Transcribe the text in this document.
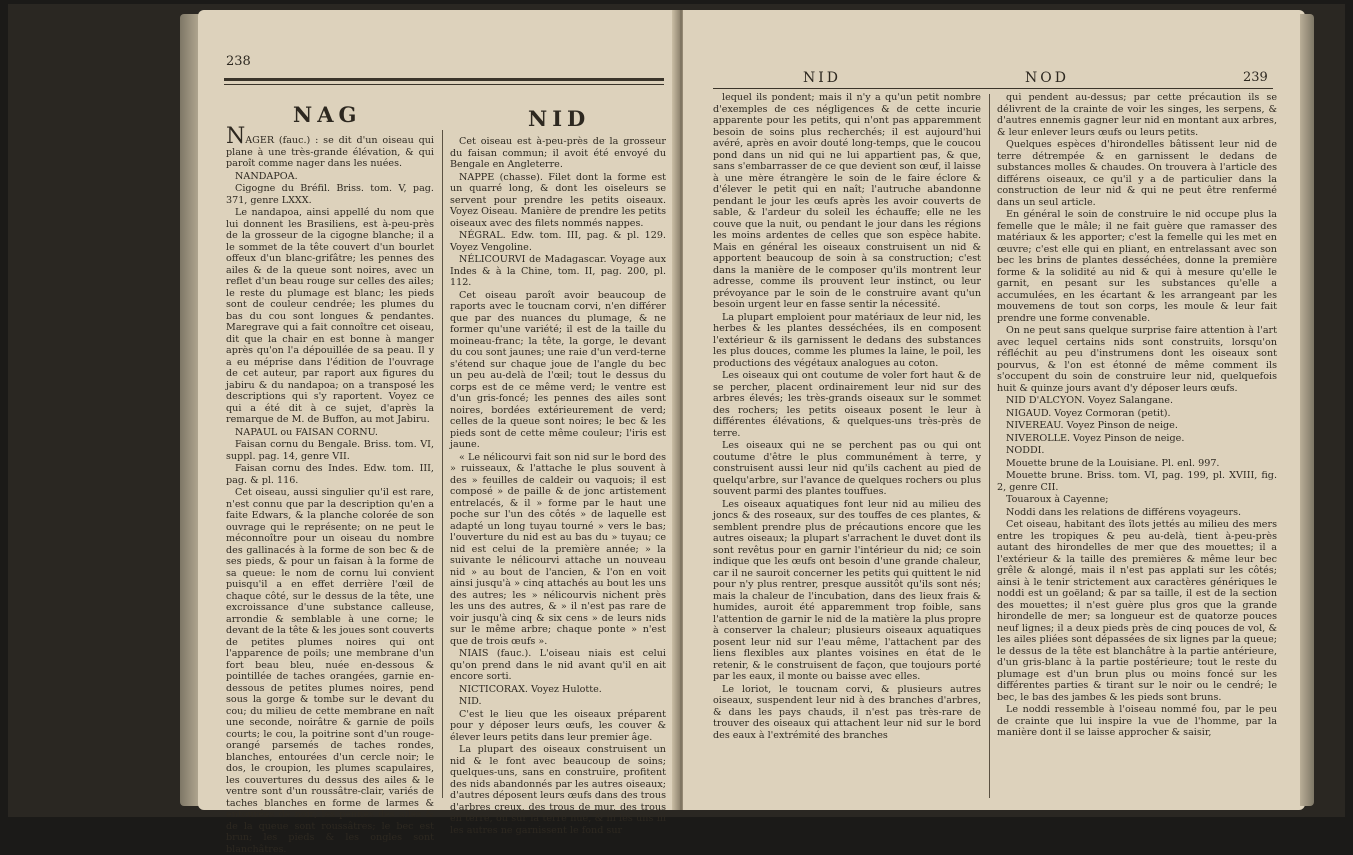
238
NAG	NID

NAGER (fauc.) : se dit d'un oiseau qui plane à une très-grande élévation, & qui paroît comme nager dans les nuées.

NANDAPOA.

Cigogne du Bréfil. Briss. tom. V, pag. 371, genre LXXX.

Le nandapoa, ainsi appellé du nom que lui donnent les Brasiliens, est à-peu-près de la grosseur de la cigogne blanche; il a le sommet de la tête couvert d'un bourlet offeux d'un blanc-grifâtre; les pennes des ailes & de la queue sont noires, avec un reflet d'un beau rouge sur celles des ailes; le reste du plumage est blanc; les pieds sont de couleur cendrée; les plumes du bas du cou sont longues & pendantes. Maregrave qui a fait connoître cet oiseau, dit que la chair en est bonne à manger après qu'on l'a dépouillée de sa peau. Il y a eu méprise dans l'édition de l'ouvrage de cet auteur, par raport aux figures du jabiru & du nandapoa; on a transposé les descriptions qui s'y raportent. Voyez ce qui a été dit à ce sujet, d'après la remarque de M. de Buffon, au mot Jabiru.

NAPAUL ou FAISAN CORNU.

Faisan cornu du Bengale. Briss. tom. VI, suppl. pag. 14, genre VII.

Faisan cornu des Indes. Edw. tom. III, pag. & pl. 116.

Cet oiseau, aussi singulier qu'il est rare, n'est connu que par la description qu'en a faite Edwars, & la planche colorée de son ouvrage qui le représente; on ne peut le méconnoître pour un oiseau du nombre des gallinacés à la forme de son bec & de ses pieds, & pour un faisan à la forme de sa queue: le nom de cornu lui convient puisqu'il a en effet derrière l'œil de chaque côté, sur le dessus de la tête, une excroissance d'une substance calleuse, arrondie & semblable à une corne; le devant de la tête & les joues sont couverts de petites plumes noires qui ont l'apparence de poils; une membrane d'un fort beau bleu, nuée en-dessous & pointillée de taches orangées, garnie en-dessous de petites plumes noires, pend sous la gorge & tombe sur le devant du cou; du milieu de cette membrane en naît une seconde, noirâtre & garnie de poils courts; le cou, la poitrine sont d'un rouge-orangé parsemés de taches rondes, blanches, entourées d'un cercle noir; le dos, le croupion, les plumes scapulaires, les couvertures du dessus des ailes & le ventre sont d'un roussâtre-clair, variés de taches blanches en forme de larmes & entourées de noir; les pennes des ailes & de la queue sont roussâtres; le bec est brun; les pieds & les ongles sont blanchâtres.

Cet oiseau est à-peu-près de la grosseur du faisan commun; il avoit été envoyé du Bengale en Angleterre.

NAPPE (chasse). Filet dont la forme est un quarré long, & dont les oiseleurs se servent pour prendre les petits oiseaux. Voyez Oiseau. Manière de prendre les petits oiseaux avec des filets nommés nappes.

NÉGRAL. Edw. tom. III, pag. & pl. 129. Voyez Vengoline.

NÉLICOURVI de Madagascar. Voyage aux Indes & à la Chine, tom. II, pag. 200, pl. 112.

Cet oiseau paroît avoir beaucoup de raports avec le toucnam corvi, n'en différer que par des nuances du plumage, & ne former qu'une variété; il est de la taille du moineau-franc; la tête, la gorge, le devant du cou sont jaunes; une raie d'un verd-terne s'étend sur chaque joue de l'angle du bec un peu au-delà de l'œil; tout le dessus du corps est de ce même verd; le ventre est d'un gris-foncé; les pennes des ailes sont noires, bordées extérieurement de verd; celles de la queue sont noires; le bec & les pieds sont de cette même couleur; l'iris est jaune.

« Le nélicourvi fait son nid sur le bord des » ruisseaux, & l'attache le plus souvent à des » feuilles de caldeir ou vaquois; il est composé » de paille & de jonc artistement entrelacés, & il » forme par le haut une poche sur l'un des côtés » de laquelle est adapté un long tuyau tourné » vers le bas; l'ouverture du nid est au bas du » tuyau; ce nid est celui de la première année; » la suivante le nélicourvi attache un nouveau nid » au bout de l'ancien, & l'on en voit ainsi jusqu'à » cinq attachés au bout les uns des autres; les » nélicourvis nichent près les uns des autres, & » il n'est pas rare de voir jusqu'à cinq & six cens » de leurs nids sur le même arbre; chaque ponte » n'est que de trois œufs ».

NIAIS (fauc.). L'oiseau niais est celui qu'on prend dans le nid avant qu'il en ait encore sorti.

NICTICORAX. Voyez Hulotte.

NID.

C'est le lieu que les oiseaux préparent pour y déposer leurs œufs, les couver & élever leurs petits dans leur premier âge.

La plupart des oiseaux construisent un nid & le font avec beaucoup de soins; quelques-uns, sans en construire, profitent des nids abandonnés par les autres oiseaux; d'autres déposent leurs œufs dans des trous d'arbres creux, des trous de mur, des trous en terre, ou sur la terre nue, & ni les uns ni les autres ne garnissent le fond sur

NID	NOD	239

lequel ils pondent; mais il n'y a qu'un petit nombre d'exemples de ces négligences & de cette incurie apparente pour les petits, qui n'ont pas apparemment besoin de soins plus recherchés; il est aujourd'hui avéré, après en avoir douté long-temps, que le coucou pond dans un nid qui ne lui appartient pas, & que, sans s'embarrasser de ce que devient son œuf, il laisse à une mère étrangère le soin de le faire éclore & d'élever le petit qui en naît; l'autruche abandonne pendant le jour les œufs après les avoir couverts de sable, & l'ardeur du soleil les échauffe; elle ne les couve que la nuit, ou pendant le jour dans les régions les moins ardentes de celles que son espèce habite. Mais en général les oiseaux construisent un nid & apportent beaucoup de soin à sa construction; c'est dans la manière de le composer qu'ils montrent leur adresse, comme ils prouvent leur instinct, ou leur prévoyance par le soin de le construire avant qu'un besoin urgent leur en fasse sentir la nécessité.

La plupart emploient pour matériaux de leur nid, les herbes & les plantes desséchées, ils en composent l'extérieur & ils garnissent le dedans des substances les plus douces, comme les plumes la laine, le poil, les productions des végétaux analogues au coton.

Les oiseaux qui ont coutume de voler fort haut & de se percher, placent ordinairement leur nid sur des arbres élevés; les très-grands oiseaux sur le sommet des rochers; les petits oiseaux posent le leur à différentes élévations, & quelques-uns très-près de terre.

Les oiseaux qui ne se perchent pas ou qui ont coutume d'être le plus communément à terre, y construisent aussi leur nid qu'ils cachent au pied de quelqu'arbre, sur l'avance de quelques rochers ou plus souvent parmi des plantes touffues.

Les oiseaux aquatiques font leur nid au milieu des joncs & des roseaux, sur des touffes de ces plantes, & semblent prendre plus de précautions encore que les autres oiseaux; la plupart s'arrachent le duvet dont ils sont revêtus pour en garnir l'intérieur du nid; ce soin indique que les œufs ont besoin d'une grande chaleur, car il ne sauroit concerner les petits qui quittent le nid pour n'y plus rentrer, presque aussitôt qu'ils sont nés; mais la chaleur de l'incubation, dans des lieux frais & humides, auroit été apparemment trop foible, sans l'attention de garnir le nid de la matière la plus propre à conserver la chaleur; plusieurs oiseaux aquatiques posent leur nid sur l'eau même, l'attachent par des liens flexibles aux plantes voisines en état de le retenir, & le construisent de façon, que toujours porté par les eaux, il monte ou baisse avec elles.

Le loriot, le toucnam corvi, & plusieurs autres oiseaux, suspendent leur nid à des branches d'arbres, & dans les pays chauds, il n'est pas très-rare de trouver des oiseaux qui attachent leur nid sur le bord des eaux à l'extrémité des branches

qui pendent au-dessus; par cette précaution ils se délivrent de la crainte de voir les singes, les serpens, & d'autres ennemis gagner leur nid en montant aux arbres, & leur enlever leurs œufs ou leurs petits.

Quelques espèces d'hirondelles bâtissent leur nid de terre détrempée & en garnissent le dedans de substances molles & chaudes. On trouvera à l'article des différens oiseaux, ce qu'il y a de particulier dans la construction de leur nid & qui ne peut être renfermé dans un seul article.

En général le soin de construire le nid occupe plus la femelle que le mâle; il ne fait guère que ramasser des matériaux & les apporter; c'est la femelle qui les met en œuvre; c'est elle qui en pliant, en entrelassant avec son bec les brins de plantes desséchées, donne la première forme & la solidité au nid & qui à mesure qu'elle le garnit, en pesant sur les substances qu'elle a accumulées, en les écartant & les arrangeant par les mouvemens de tout son corps, les moule & leur fait prendre une forme convenable.

On ne peut sans quelque surprise faire attention à l'art avec lequel certains nids sont construits, lorsqu'on réfléchit au peu d'instrumens dont les oiseaux sont pourvus, & l'on est étonné de même comment ils s'occupent du soin de construire leur nid, quelquefois huit & quinze jours avant d'y déposer leurs œufs.

NID D'ALCYON. Voyez Salangane.

NIGAUD. Voyez Cormoran (petit).

NIVEREAU. Voyez Pinson de neige.

NIVEROLLE. Voyez Pinson de neige.

NODDI.

Mouette brune de la Louisiane. Pl. enl. 997.

Mouette brune. Briss. tom. VI, pag. 199, pl. XVIII, fig. 2, genre CII.

Touaroux à Cayenne;

Noddi dans les relations de différens voyageurs.

Cet oiseau, habitant des îlots jettés au milieu des mers entre les tropiques & peu au-delà, tient à-peu-près autant des hirondelles de mer que des mouettes; il a l'extérieur & la taille des premières & même leur bec grêle & alongé, mais il n'est pas applati sur les côtés; ainsi à le tenir strictement aux caractères génériques le noddi est un goëland; & par sa taille, il est de la section des mouettes; il n'est guère plus gros que la grande hirondelle de mer; sa longueur est de quatorze pouces neuf lignes; il a deux pieds près de cinq pouces de vol, & les ailes pliées sont dépassées de six lignes par la queue; le dessus de la tête est blanchâtre à la partie antérieure, d'un gris-blanc à la partie postérieure; tout le reste du plumage est d'un brun plus ou moins foncé sur les différentes parties & tirant sur le noir ou le cendré; le bec, le bas des jambes & les pieds sont bruns.

Le noddi ressemble à l'oiseau nommé fou, par le peu de crainte que lui inspire la vue de l'homme, par la manière dont il se laisse approcher & saisir,
